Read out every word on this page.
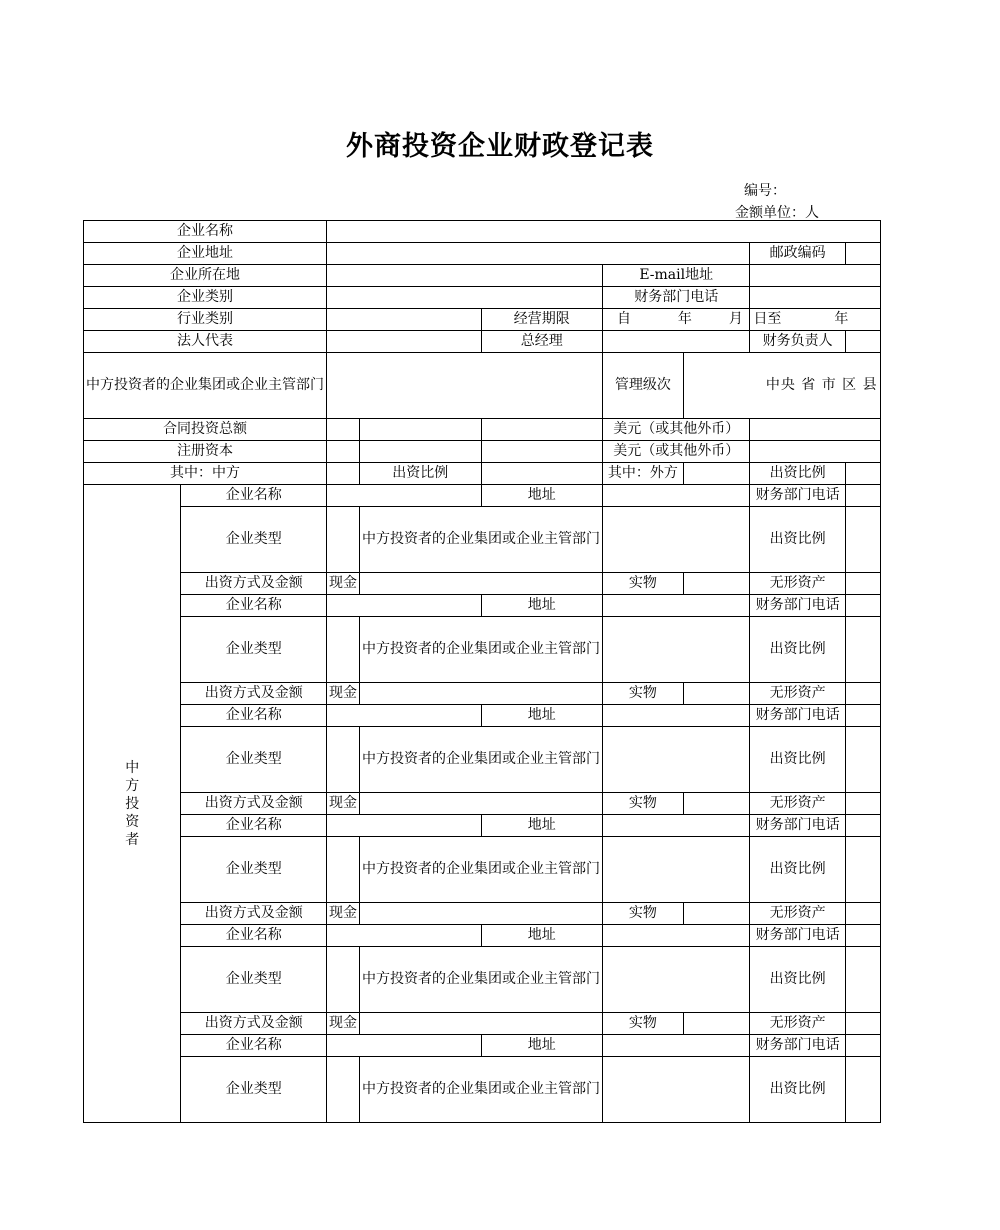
外商投资企业财政登记表
编号：
金额单位：人
企业名称								
企业地址							邮政编码	
企业所在地					E-mail地址			
企业类别					财务部门电话			
行业类别				经营期限	自 年 月		日至 年	
法人代表				总经理			财务负责人	
中方投资者的企业集团或企业主管部门					管理级次	中央 省 市 区 县		
合同投资总额					美元（或其他外币）			
注册资本					美元（或其他外币）			
其中：中方			出资比例		其中：外方		出资比例	

中方投资者	企业名称			地址			财务部门电话	
	企业类型		中方投资者的企业集团或企业主管部门				出资比例	
	出资方式及金额	现金			实物		无形资产	
	企业名称			地址			财务部门电话	
	企业类型		中方投资者的企业集团或企业主管部门				出资比例	
	出资方式及金额	现金			实物		无形资产	
	企业名称			地址			财务部门电话	
	企业类型		中方投资者的企业集团或企业主管部门				出资比例	
	出资方式及金额	现金			实物		无形资产	
	企业名称			地址			财务部门电话	
	企业类型		中方投资者的企业集团或企业主管部门				出资比例	
	出资方式及金额	现金			实物		无形资产	
	企业名称			地址			财务部门电话	
	企业类型		中方投资者的企业集团或企业主管部门				出资比例	
	出资方式及金额	现金			实物		无形资产	
	企业名称			地址			财务部门电话	
	企业类型		中方投资者的企业集团或企业主管部门				出资比例	
